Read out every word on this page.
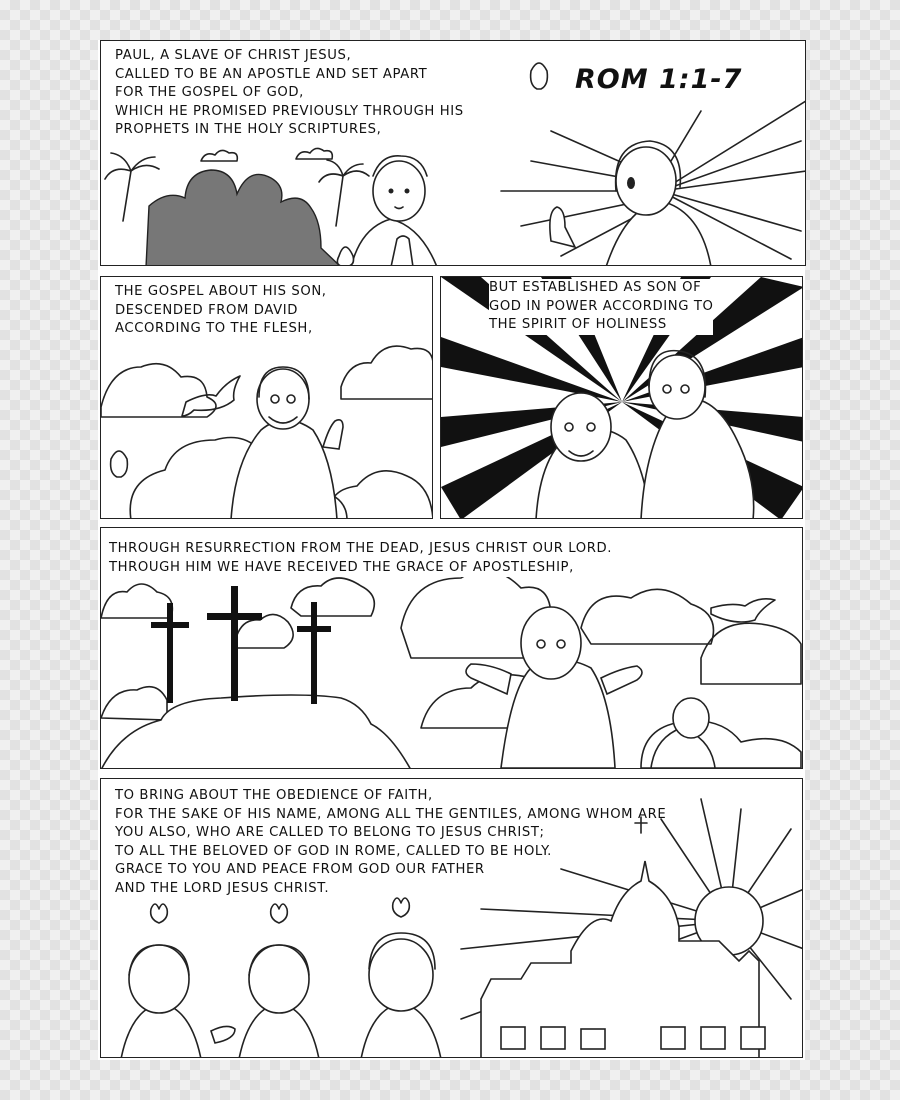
ROM 1:1-7
PAUL, A SLAVE OF CHRIST JESUS,
CALLED TO BE AN APOSTLE AND SET APART
FOR THE GOSPEL OF GOD,
WHICH HE PROMISED PREVIOUSLY THROUGH HIS
PROPHETS IN THE HOLY SCRIPTURES,
THE GOSPEL ABOUT HIS SON,
DESCENDED FROM DAVID
ACCORDING TO THE FLESH,
BUT ESTABLISHED AS SON OF
GOD IN POWER ACCORDING TO
THE SPIRIT OF HOLINESS
THROUGH RESURRECTION FROM THE DEAD, JESUS CHRIST OUR LORD.
THROUGH HIM WE HAVE RECEIVED THE GRACE OF APOSTLESHIP,
TO BRING ABOUT THE OBEDIENCE OF FAITH,
FOR THE SAKE OF HIS NAME, AMONG ALL THE GENTILES, AMONG WHOM ARE
YOU ALSO, WHO ARE CALLED TO BELONG TO JESUS CHRIST;
TO ALL THE BELOVED OF GOD IN ROME, CALLED TO BE HOLY.
GRACE TO YOU AND PEACE FROM GOD OUR FATHER
AND THE LORD JESUS CHRIST.
